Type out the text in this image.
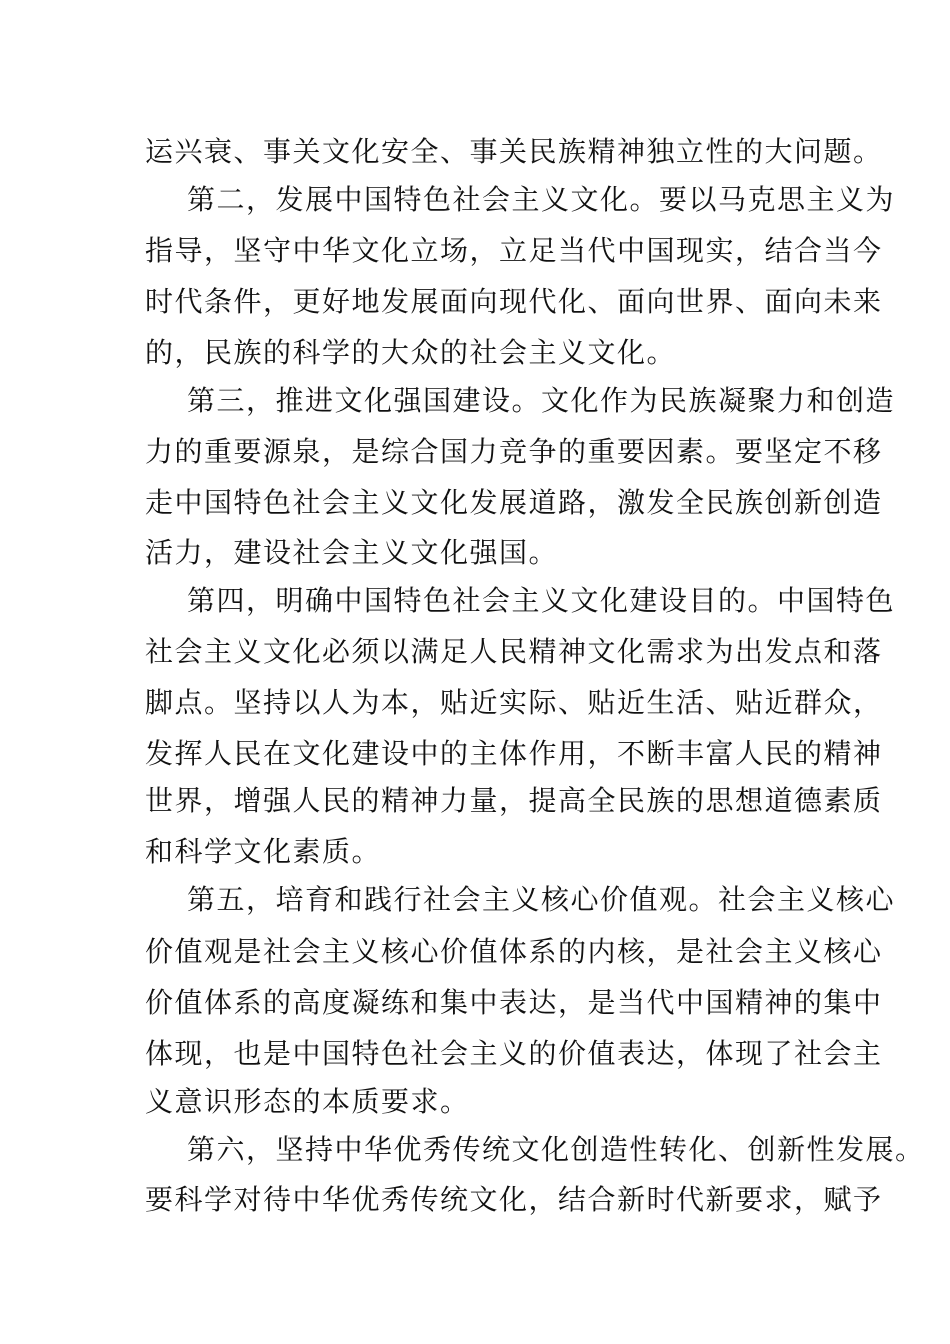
运兴衰、事关文化安全、事关民族精神独立性的大问题。
第二，发展中国特色社会主义文化。要以马克思主义为
指导，坚守中华文化立场，立足当代中国现实，结合当今
时代条件，更好地发展面向现代化、面向世界、面向未来
的，民族的科学的大众的社会主义文化。
第三，推进文化强国建设。文化作为民族凝聚力和创造
力的重要源泉，是综合国力竞争的重要因素。要坚定不移
走中国特色社会主义文化发展道路，激发全民族创新创造
活力，建设社会主义文化强国。
第四，明确中国特色社会主义文化建设目的。中国特色
社会主义文化必须以满足人民精神文化需求为出发点和落
脚点。坚持以人为本，贴近实际、贴近生活、贴近群众，
发挥人民在文化建设中的主体作用，不断丰富人民的精神
世界，增强人民的精神力量，提高全民族的思想道德素质
和科学文化素质。
第五，培育和践行社会主义核心价值观。社会主义核心
价值观是社会主义核心价值体系的内核，是社会主义核心
价值体系的高度凝练和集中表达，是当代中国精神的集中
体现，也是中国特色社会主义的价值表达，体现了社会主
义意识形态的本质要求。
第六，坚持中华优秀传统文化创造性转化、创新性发展。
要科学对待中华优秀传统文化，结合新时代新要求，赋予
